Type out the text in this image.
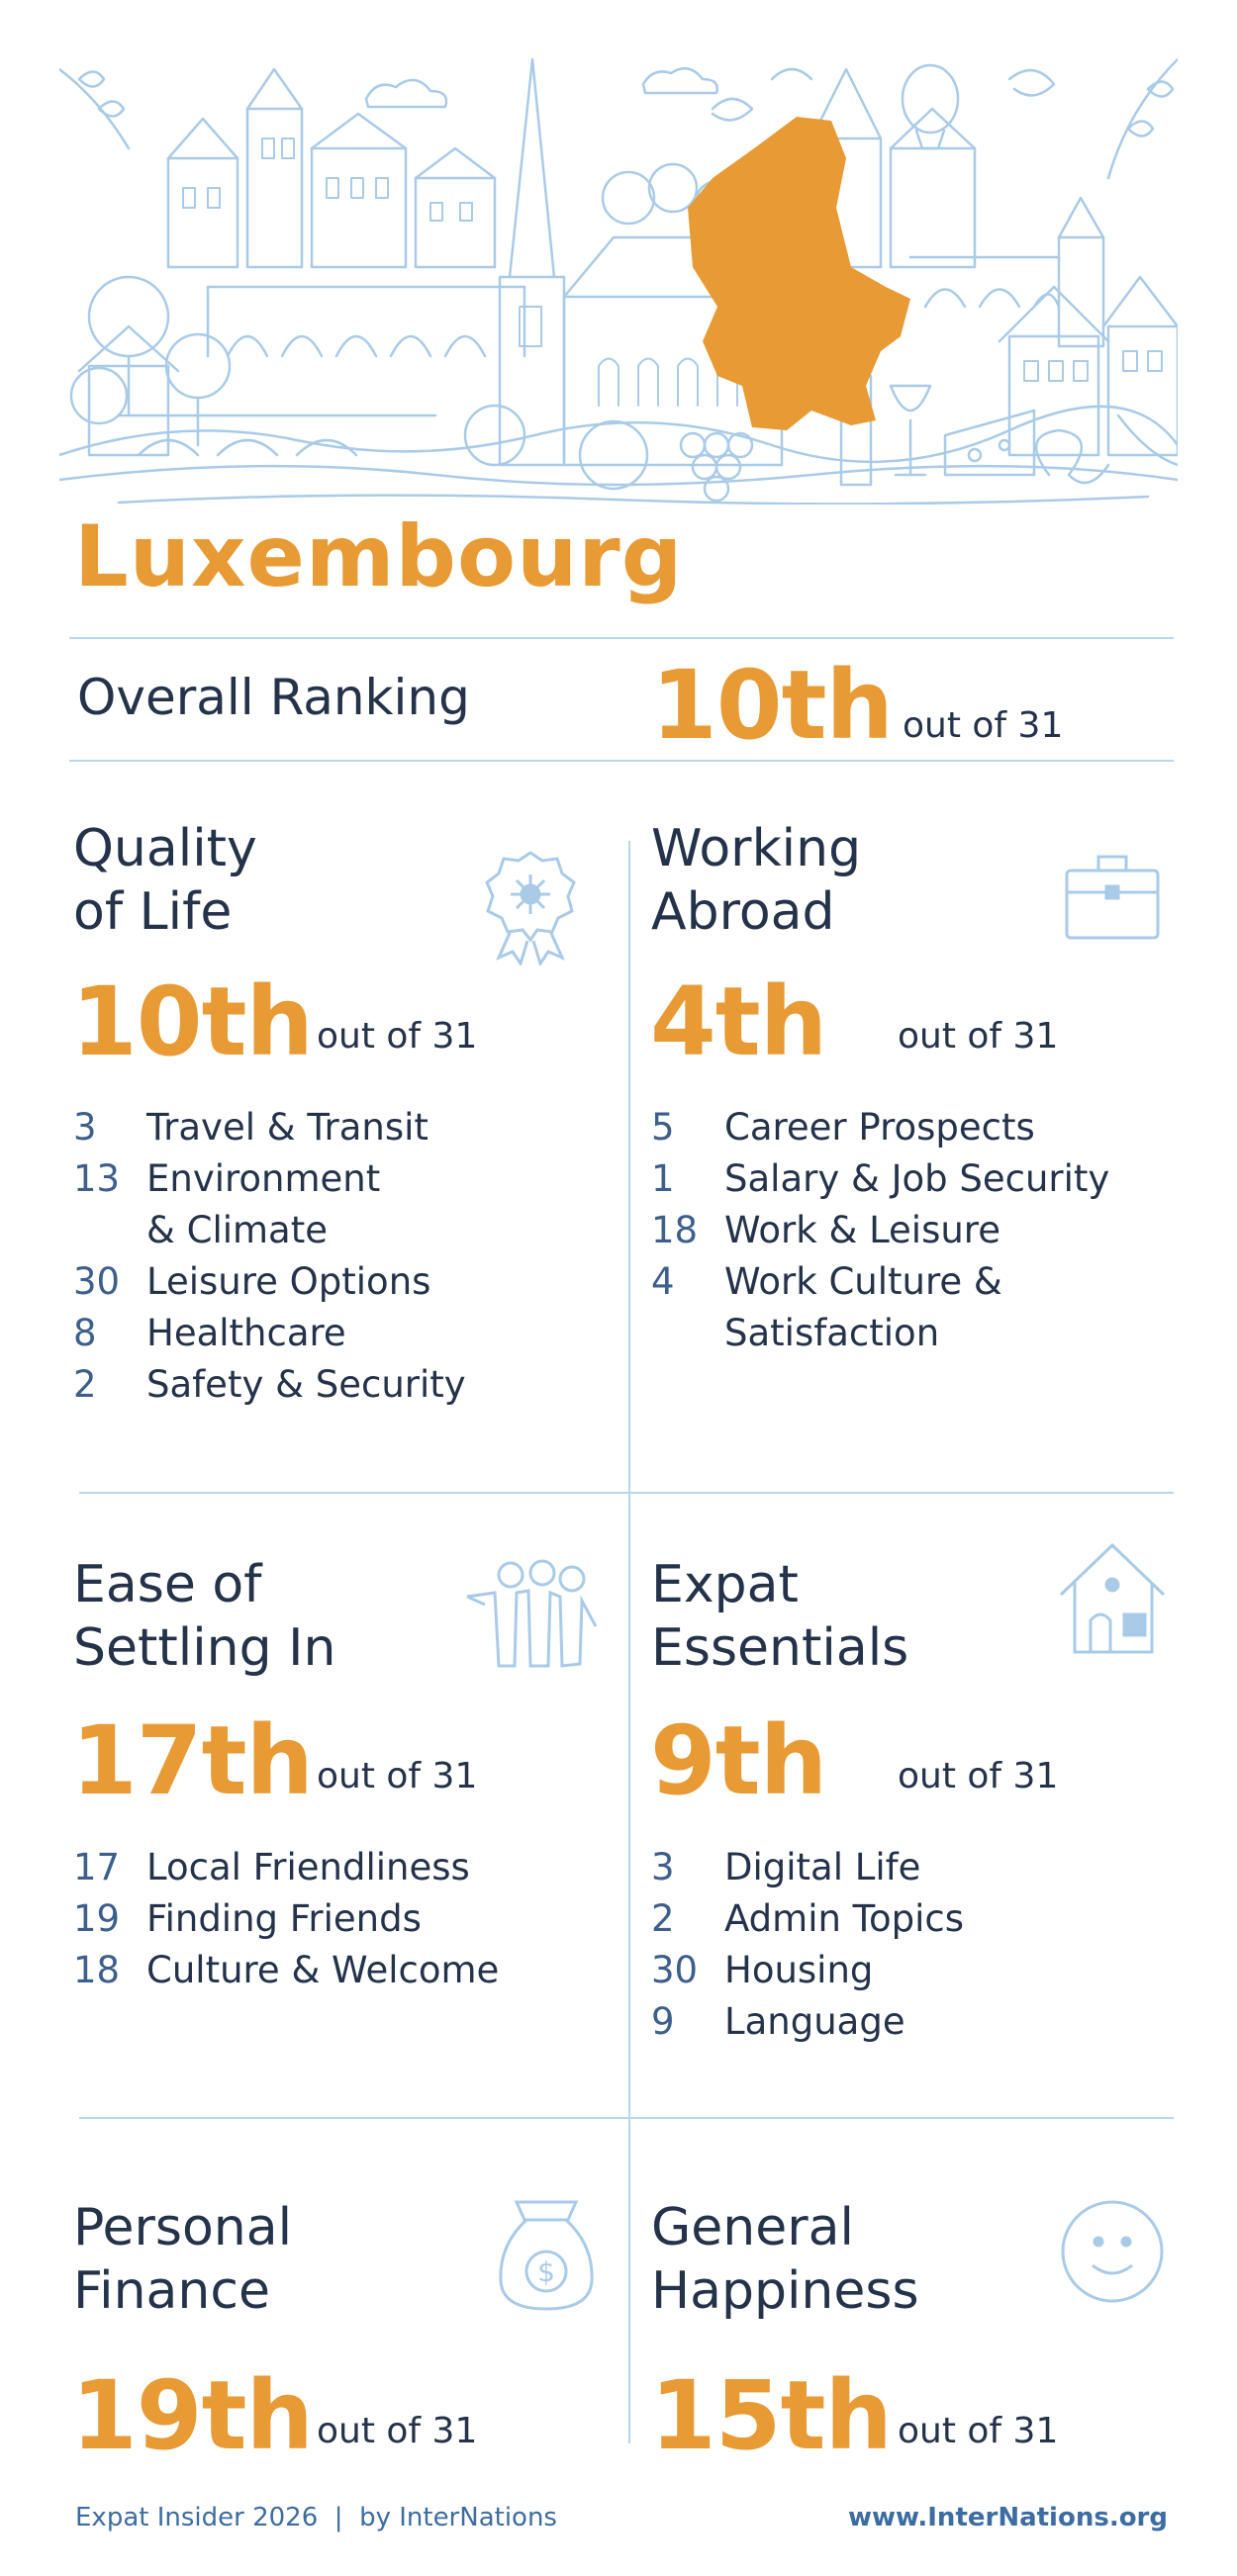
Luxembourg
Overall Ranking 10th out of 31
Quality
of Life
10th out of 31
3	Travel & Transit
13 Environment
& Climate
30 Leisure Options
8	Healthcare
2	Safety & Security
Working
Abroad
4th out of 31
5	Career Prospects
1	Salary & Job Security
18 Work & Leisure
4	Work Culture &
Satisfaction
Ease of
Settling In
17th out of 31
17 Local Friendliness
19 Finding Friends
18 Culture & Welcome
Expat
Essentials
9th out of 31
3	Digital Life
2	Admin Topics
30 Housing
9	Language
Personal
Finance	$
19th out of 31
General
Happiness
15th out of 31
Expat Insider 2026  |  by InterNations	www.InterNations.org
